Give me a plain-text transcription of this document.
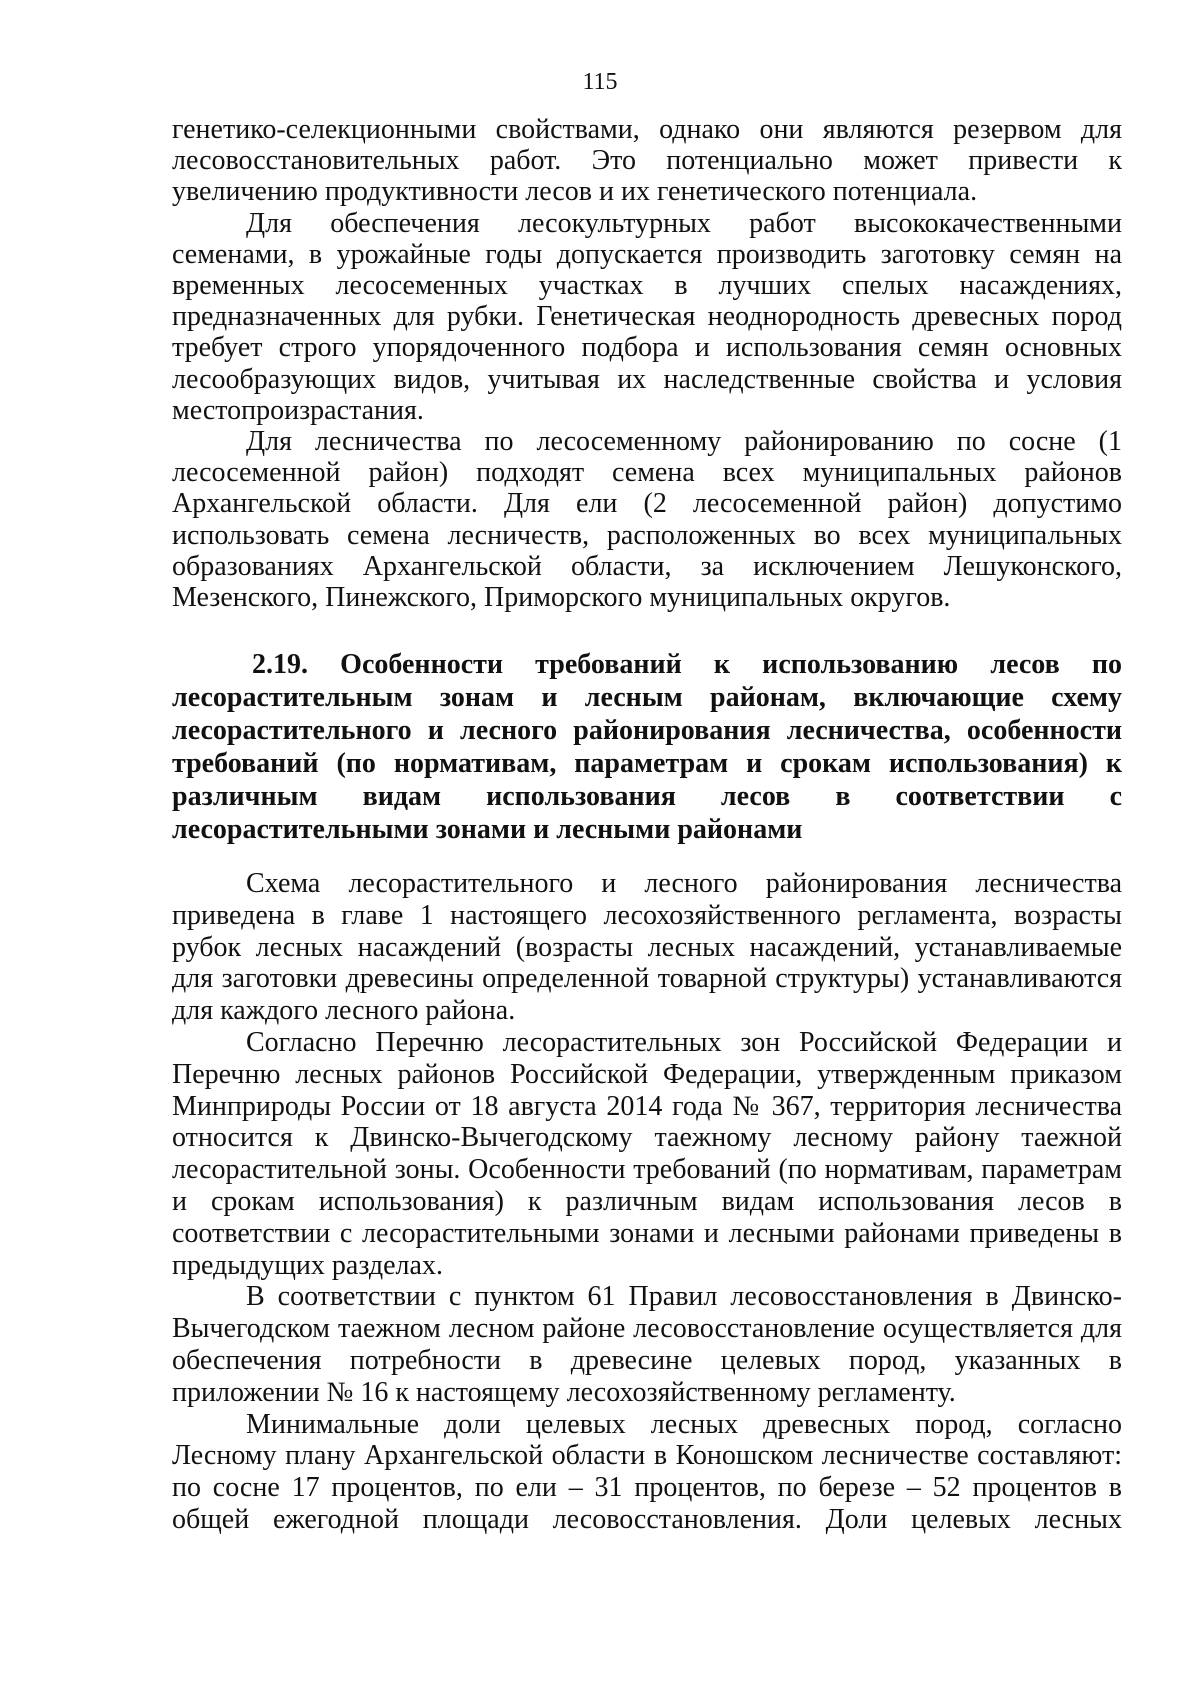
115

генетико-селекционными свойствами, однако они являются резервом для лесовосстановительных работ. Это потенциально может привести к увеличению продуктивности лесов и их генетического потенциала.

Для обеспечения лесокультурных работ высококачественными семенами, в урожайные годы допускается производить заготовку семян на временных лесосеменных участках в лучших спелых насаждениях, предназначенных для рубки. Генетическая неоднородность древесных пород требует строго упорядоченного подбора и использования семян основных лесообразующих видов, учитывая их наследственные свойства и условия местопроизрастания.

Для лесничества по лесосеменному районированию по сосне (1 лесосеменной район) подходят семена всех муниципальных районов Архангельской области. Для ели (2 лесосеменной район) допустимо использовать семена лесничеств, расположенных во всех муниципальных образованиях Архангельской области, за исключением Лешуконского, Мезенского, Пинежского, Приморского муниципальных округов.

2.19. Особенности требований к использованию лесов по лесорастительным зонам и лесным районам, включающие схему лесорастительного и лесного районирования лесничества, особенности требований (по нормативам, параметрам и срокам использования) к различным видам использования лесов в соответствии с лесорастительными зонами и лесными районами

Схема лесорастительного и лесного районирования лесничества приведена в главе 1 настоящего лесохозяйственного регламента, возрасты рубок лесных насаждений (возрасты лесных насаждений, устанавливаемые для заготовки древесины определенной товарной структуры) устанавливаются для каждого лесного района.

Согласно Перечню лесорастительных зон Российской Федерации и Перечню лесных районов Российской Федерации, утвержденным приказом Минприроды России от 18 августа 2014 года № 367, территория лесничества относится к Двинско-Вычегодскому таежному лесному району таежной лесорастительной зоны. Особенности требований (по нормативам, параметрам и срокам использования) к различным видам использования лесов в соответствии с лесорастительными зонами и лесными районами приведены в предыдущих разделах.

В соответствии с пунктом 61 Правил лесовосстановления в Двинско-Вычегодском таежном лесном районе лесовосстановление осуществляется для обеспечения потребности в древесине целевых пород, указанных в приложении № 16 к настоящему лесохозяйственному регламенту.

Минимальные доли целевых лесных древесных пород, согласно Лесному плану Архангельской области в Коношском лесничестве составляют: по сосне 17 процентов, по ели – 31 процентов, по березе – 52 процентов в общей ежегодной площади лесовосстановления. Доли целевых лесных
